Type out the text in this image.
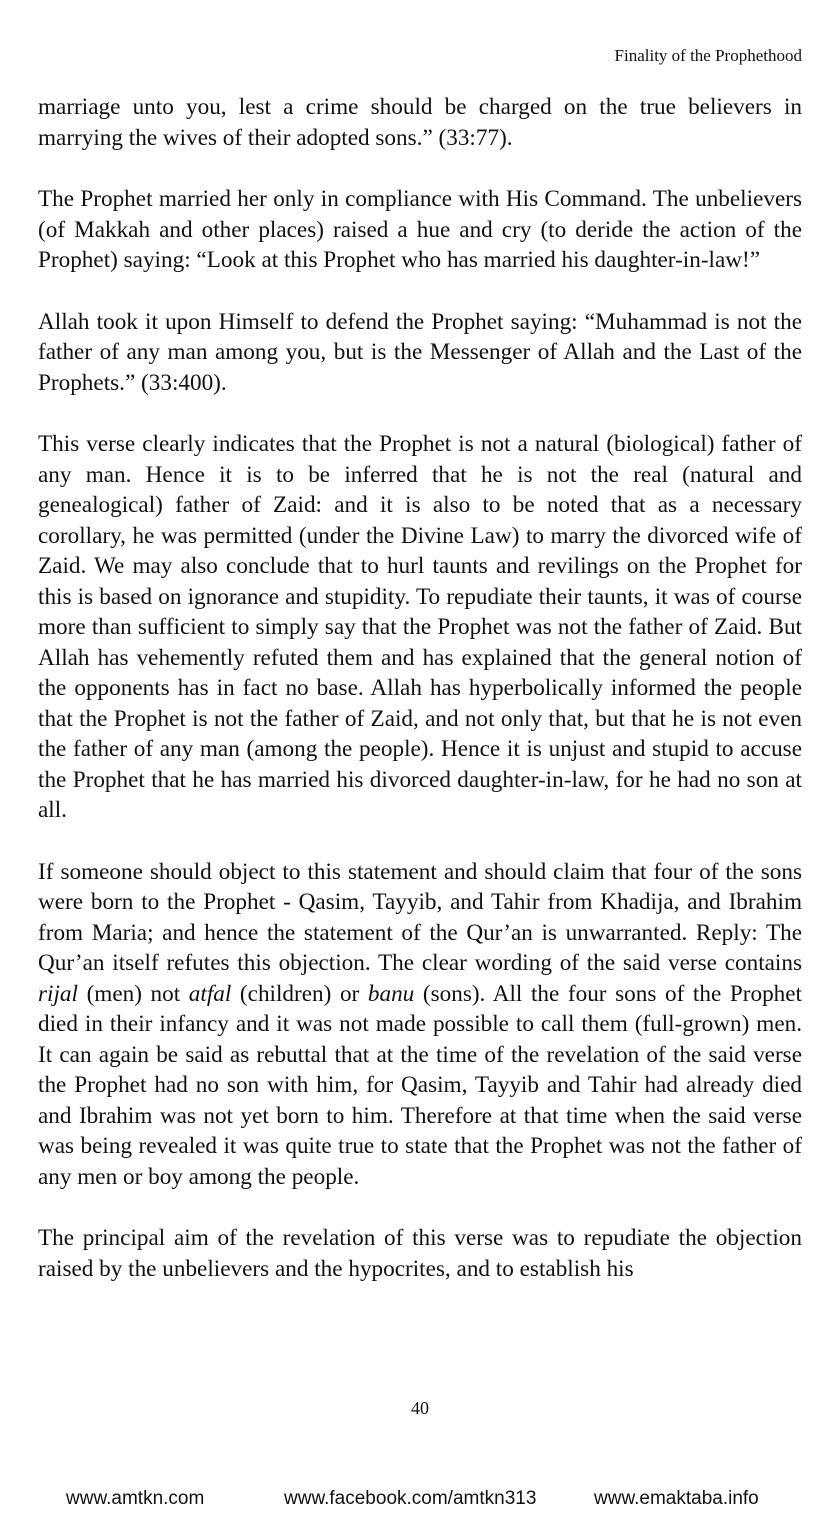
Finality of the Prophethood

marriage unto you, lest a crime should be charged on the true believers in marrying the wives of their adopted sons.” (33:77).

The Prophet married her only in compliance with His Command. The unbelievers (of Makkah and other places) raised a hue and cry (to deride the action of the Prophet) saying: “Look at this Prophet who has married his daughter-in-law!”

Allah took it upon Himself to defend the Prophet saying: “Muhammad is not the father of any man among you, but is the Messenger of Allah and the Last of the Prophets.” (33:400).

This verse clearly indicates that the Prophet is not a natural (biological) father of any man. Hence it is to be inferred that he is not the real (natural and genealogical) father of Zaid: and it is also to be noted that as a necessary corollary, he was permitted (under the Divine Law) to marry the divorced wife of Zaid. We may also conclude that to hurl taunts and revilings on the Prophet for this is based on ignorance and stupidity. To repudiate their taunts, it was of course more than sufficient to simply say that the Prophet was not the father of Zaid. But Allah has vehemently refuted them and has explained that the general notion of the opponents has in fact no base. Allah has hyperbolically informed the people that the Prophet is not the father of Zaid, and not only that, but that he is not even the father of any man (among the people). Hence it is unjust and stupid to accuse the Prophet that he has married his divorced daughter-in-law, for he had no son at all.

If someone should object to this statement and should claim that four of the sons were born to the Prophet - Qasim, Tayyib, and Tahir from Khadija, and Ibrahim from Maria; and hence the statement of the Qur’an is unwarranted. Reply: The Qur’an itself refutes this objection. The clear wording of the said verse contains rijal (men) not atfal (children) or banu (sons). All the four sons of the Prophet died in their infancy and it was not made possible to call them (full-grown) men. It can again be said as rebuttal that at the time of the revelation of the said verse the Prophet had no son with him, for Qasim, Tayyib and Tahir had already died and Ibrahim was not yet born to him. Therefore at that time when the said verse was being revealed it was quite true to state that the Prophet was not the father of any men or boy among the people.

The principal aim of the revelation of this verse was to repudiate the objection raised by the unbelievers and the hypocrites, and to establish his

40
www.amtkn.com	www.facebook.com/amtkn313	www.emaktaba.info
